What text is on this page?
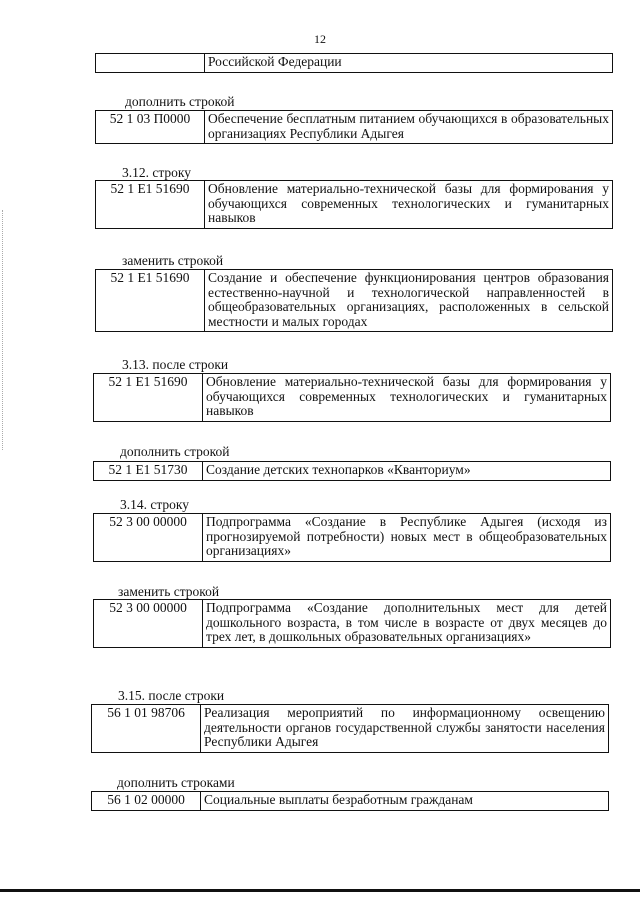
12
	Российской Федерации
дополнить строкой
52 1 03 П0000	Обеспечение бесплатным питанием обучающихся в образовательных организациях Республики Адыгея
3.12. строку
52 1 Е1 51690	Обновление материально-технической базы для формирования у обучающихся современных технологических и гуманитарных навыков
заменить строкой
52 1 Е1 51690	Создание и обеспечение функционирования центров образования естественно-научной и технологической направленностей в общеобразовательных организациях, расположенных в сельской местности и малых городах
3.13. после строки
52 1 Е1 51690	Обновление материально-технической базы для формирования у обучающихся современных технологических и гуманитарных навыков
дополнить строкой
52 1 Е1 51730	Создание детских технопарков «Кванториум»
3.14. строку
52 3 00 00000	Подпрограмма «Создание в Республике Адыгея (исходя из прогнозируемой потребности) новых мест в общеобразовательных организациях»
заменить строкой
52 3 00 00000	Подпрограмма «Создание дополнительных мест для детей дошкольного возраста, в том числе в возрасте от двух месяцев до трех лет, в дошкольных образовательных организациях»
3.15. после строки
56 1 01 98706	Реализация мероприятий по информационному освещению деятельности органов государственной службы занятости населения Республики Адыгея
дополнить строками
56 1 02 00000	Социальные выплаты безработным гражданам
